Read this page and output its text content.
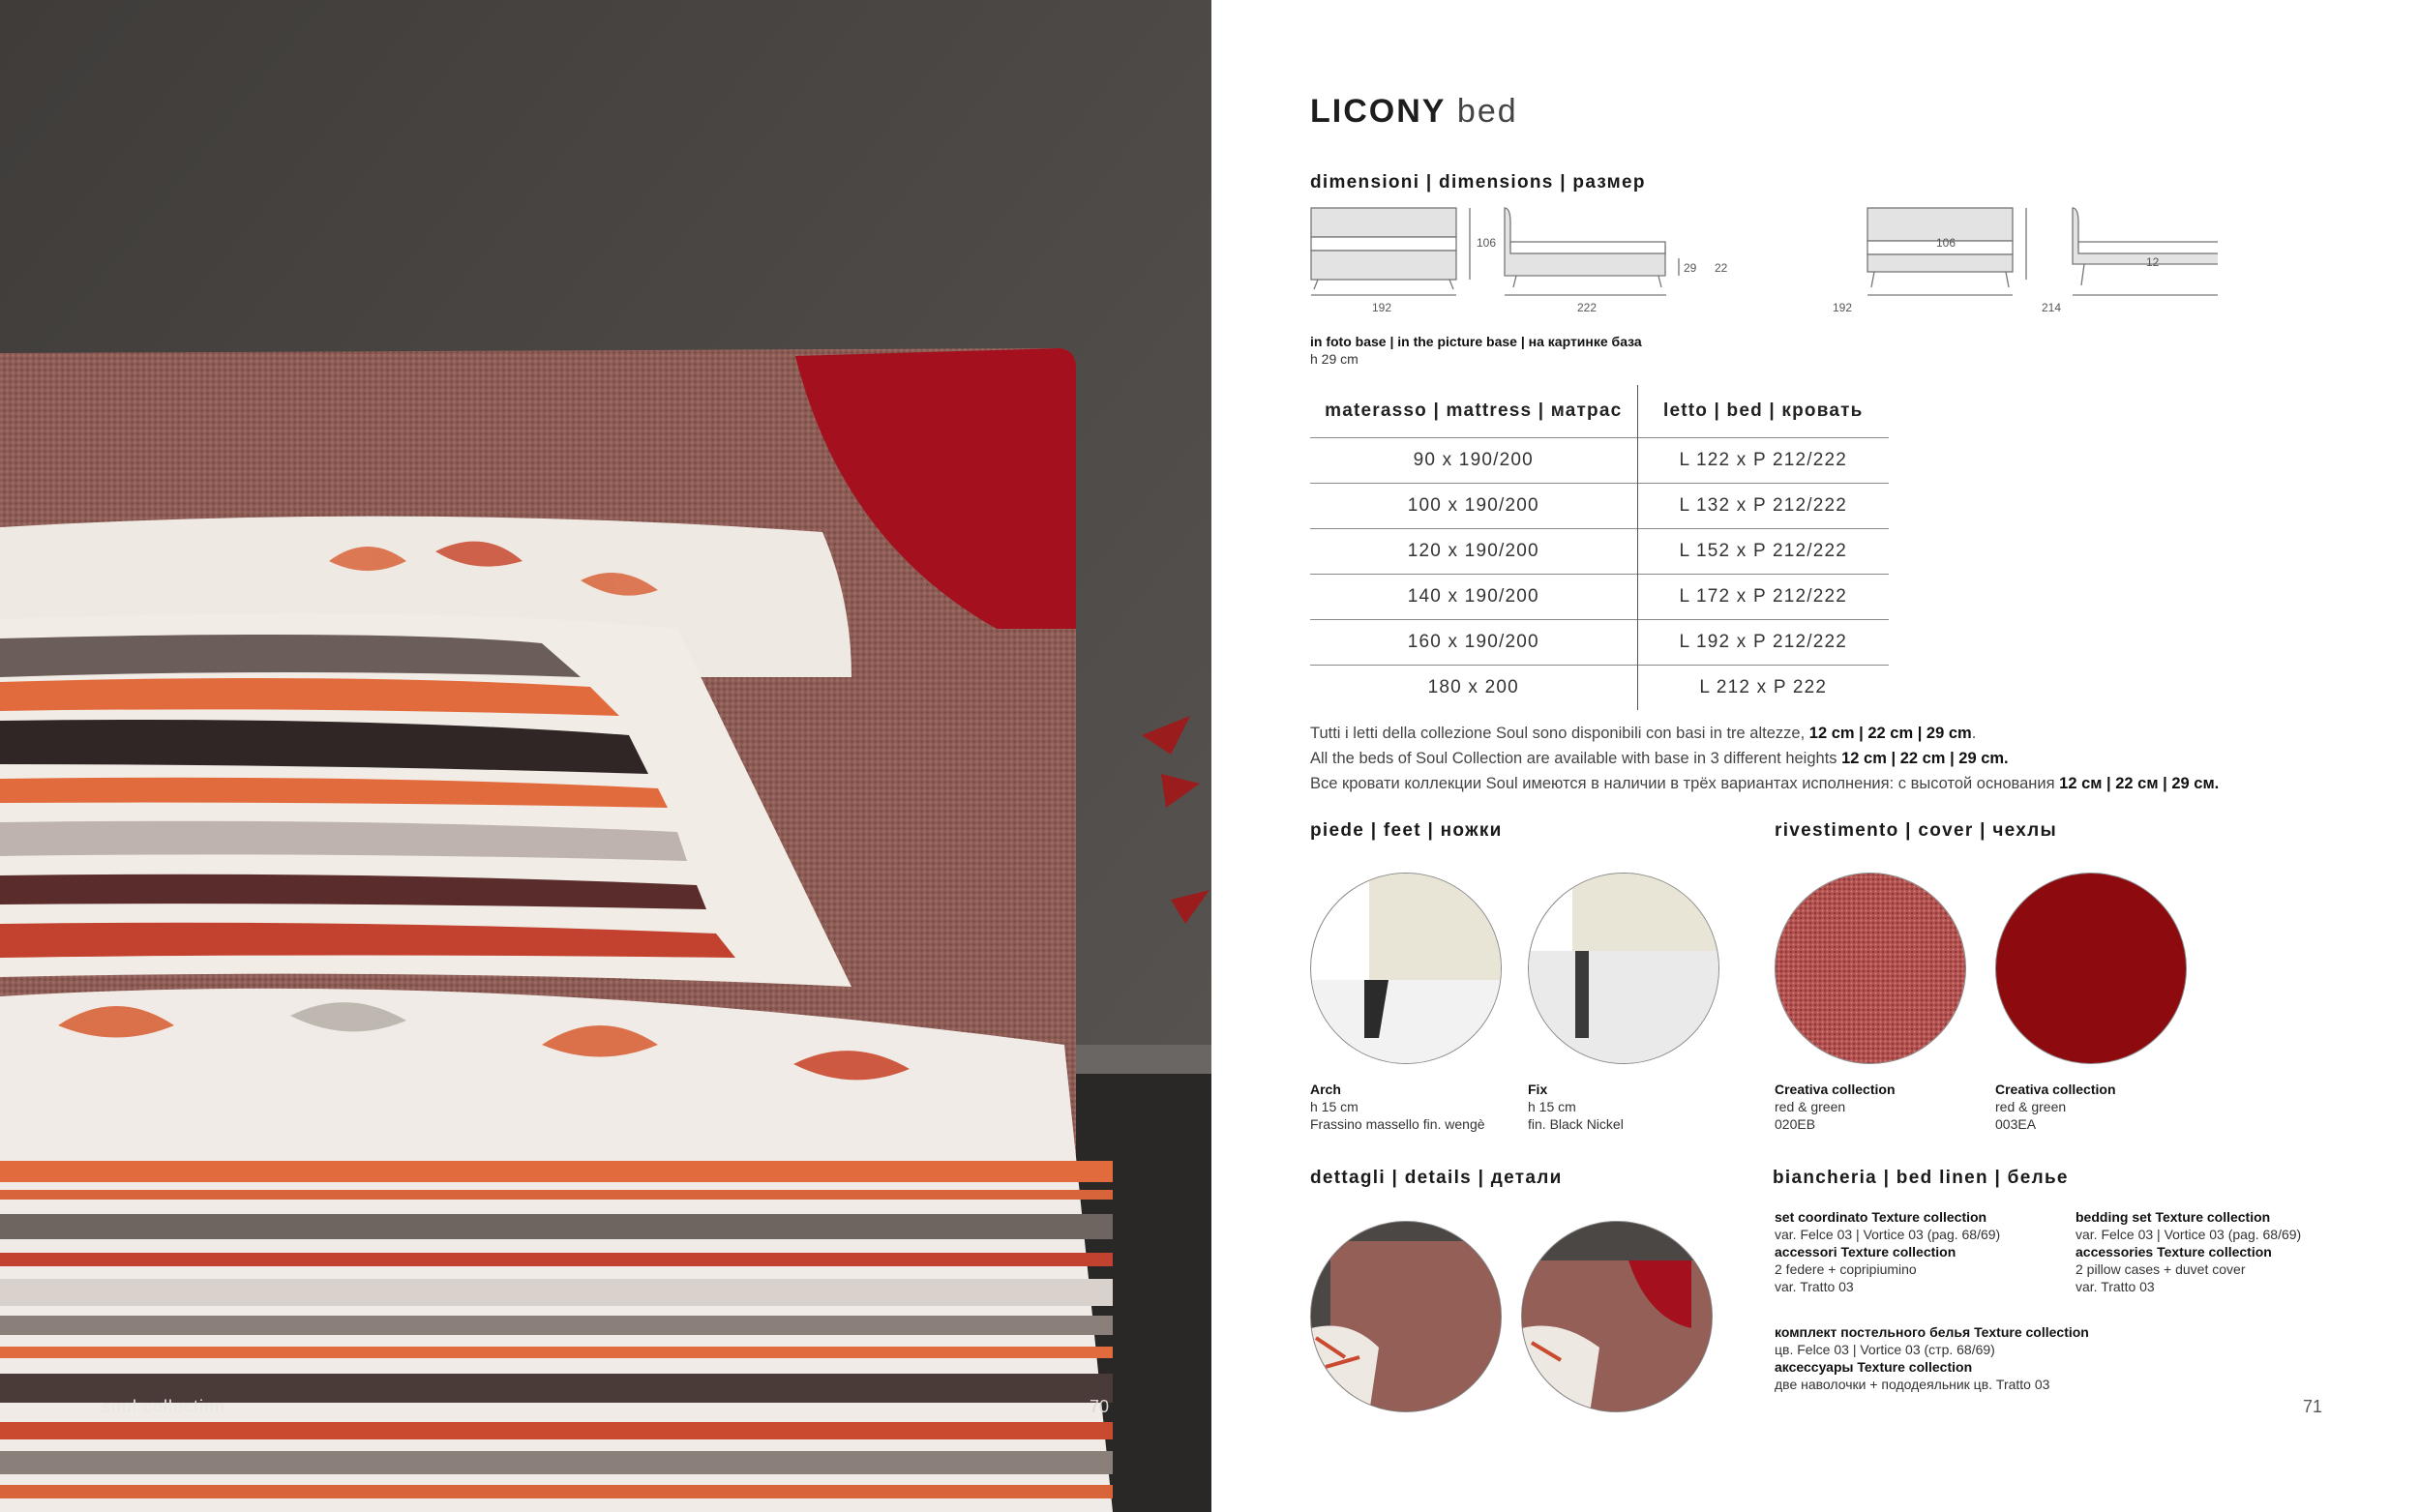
soul collection	70
LICONY bed
dimensioni | dimensions | размер
192
106
222
29 22
192
106
214
12
in foto base | in the picture base | на картинке база
h 29 cm
materasso | mattress | матрас	letto | bed | кровать
90 x 190/200	L 122 x P 212/222
100 x 190/200	L 132 x P 212/222
120 x 190/200	L 152 x P 212/222
140 x 190/200	L 172 x P 212/222
160 x 190/200	L 192 x P 212/222
180 x 200	L 212 x P 222
Tutti i letti della collezione Soul sono disponibili con basi in tre altezze, 12 cm | 22 cm | 29 cm.
All the beds of Soul Collection are available with base in 3 different heights 12 cm | 22 cm | 29 cm.
Все кровати коллекции Soul имеются в наличии в трёх вариантах исполнения: с высотой основания 12 см | 22 см | 29 см.
piede | feet | ножки
Arch
h 15 cm
Frassino massello fin. wengè
Fix
h 15 cm
fin. Black Nickel
rivestimento | cover | чехлы
Creativa collection
red & green
020EB
Creativa collection
red & green
003EA
dettagli | details | детали	biancheria | bed linen | белье
set coordinato Texture collection
var. Felce 03 | Vortice 03 (pag. 68/69)
accessori Texture collection
2 federe + copripiumino
var. Tratto 03
bedding set Texture collection
var. Felce 03 | Vortice 03 (pag. 68/69)
accessories Texture collection
2 pillow cases + duvet cover
var. Tratto 03
комплект постельного белья Texture collection
цв. Felce 03 | Vortice 03 (стр. 68/69)
аксессуары Texture collection
две наволочки + пододеяльник цв. Tratto 03
71
